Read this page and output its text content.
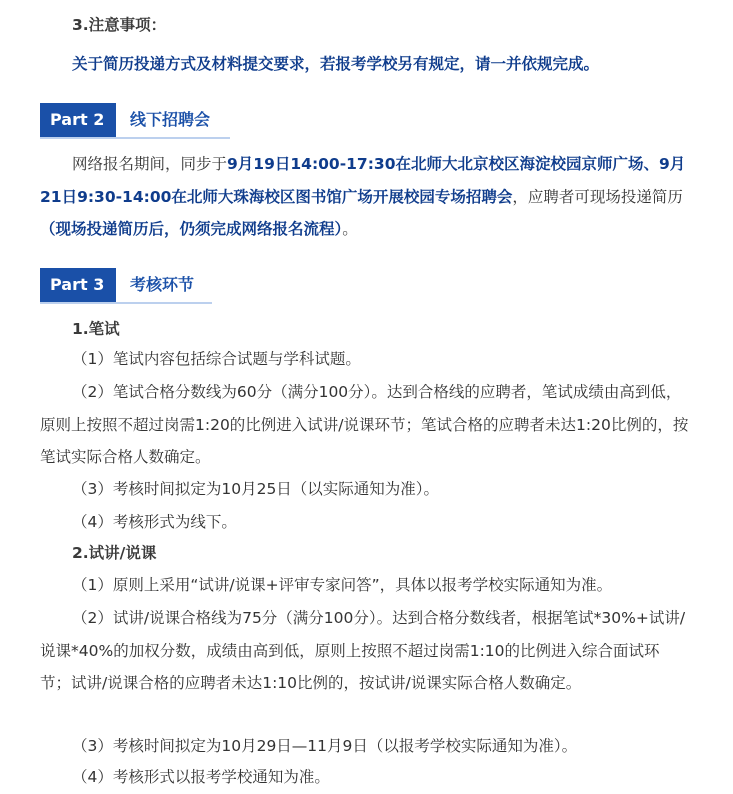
3.注意事项：
关于简历投递方式及材料提交要求，若报考学校另有规定，请一并依规完成。
Part 2	线下招聘会
网络报名期间，同步于9月19日14:00-17:30在北师大北京校区海淀校园京师广场、9月21日9:30-14:00在北师大珠海校区图书馆广场开展校园专场招聘会，应聘者可现场投递简历（现场投递简历后，仍须完成网络报名流程）。
Part 3	考核环节
1.笔试
（1）笔试内容包括综合试题与学科试题。
（2）笔试合格分数线为60分（满分100分）。达到合格线的应聘者，笔试成绩由高到低，原则上按照不超过岗需1:20的比例进入试讲/说课环节；笔试合格的应聘者未达1:20比例的，按笔试实际合格人数确定。
（3）考核时间拟定为10月25日（以实际通知为准）。
（4）考核形式为线下。
2.试讲/说课
（1）原则上采用“试讲/说课+评审专家问答”，具体以报考学校实际通知为准。
（2）试讲/说课合格线为75分（满分100分）。达到合格分数线者，根据笔试*30%+试讲/说课*40%的加权分数，成绩由高到低，原则上按照不超过岗需1:10的比例进入综合面试环节；试讲/说课合格的应聘者未达1:10比例的，按试讲/说课实际合格人数确定。
（3）考核时间拟定为10月29日—11月9日（以报考学校实际通知为准）。
（4）考核形式以报考学校通知为准。
